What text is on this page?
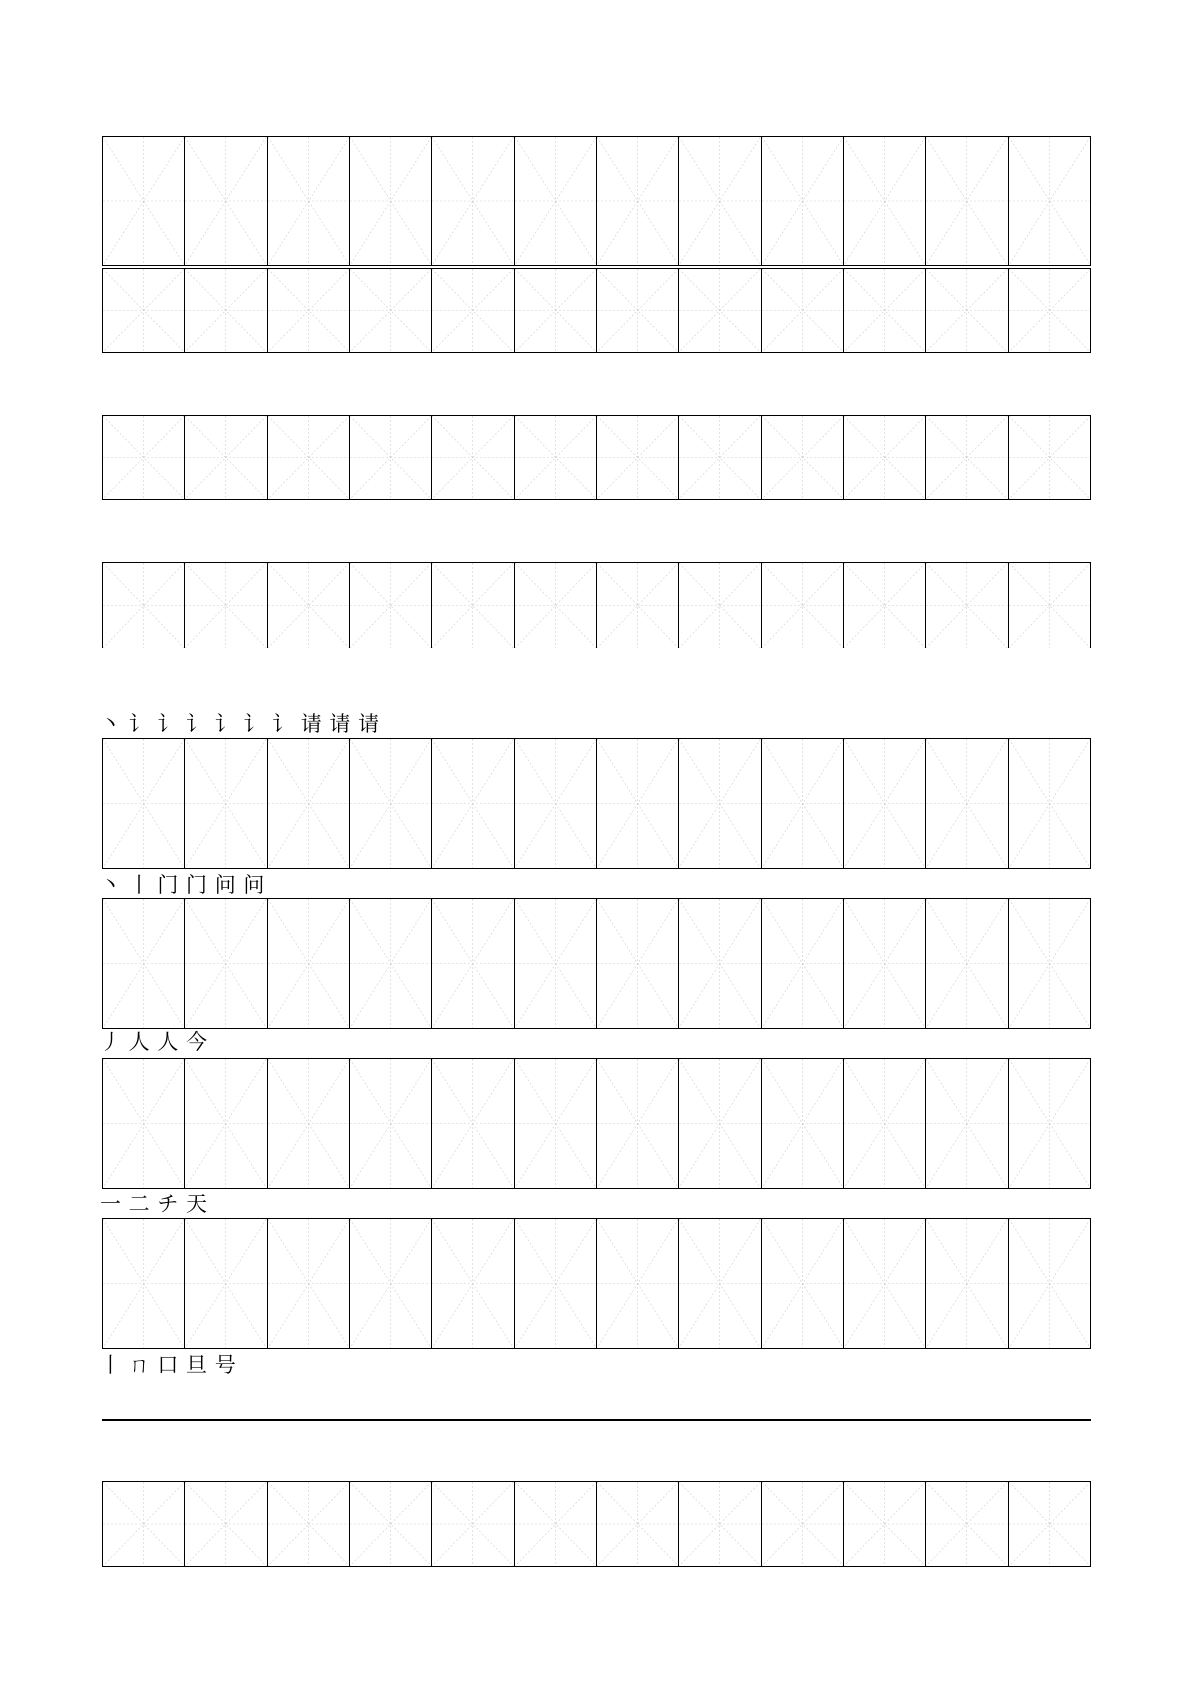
丶 讠 讠 讠 讠 讠 讠 请 请 请
丶 丨 门 门 问 问
丿 人 人 今
一 二 チ 天
丨 ㄇ 口 旦 号
